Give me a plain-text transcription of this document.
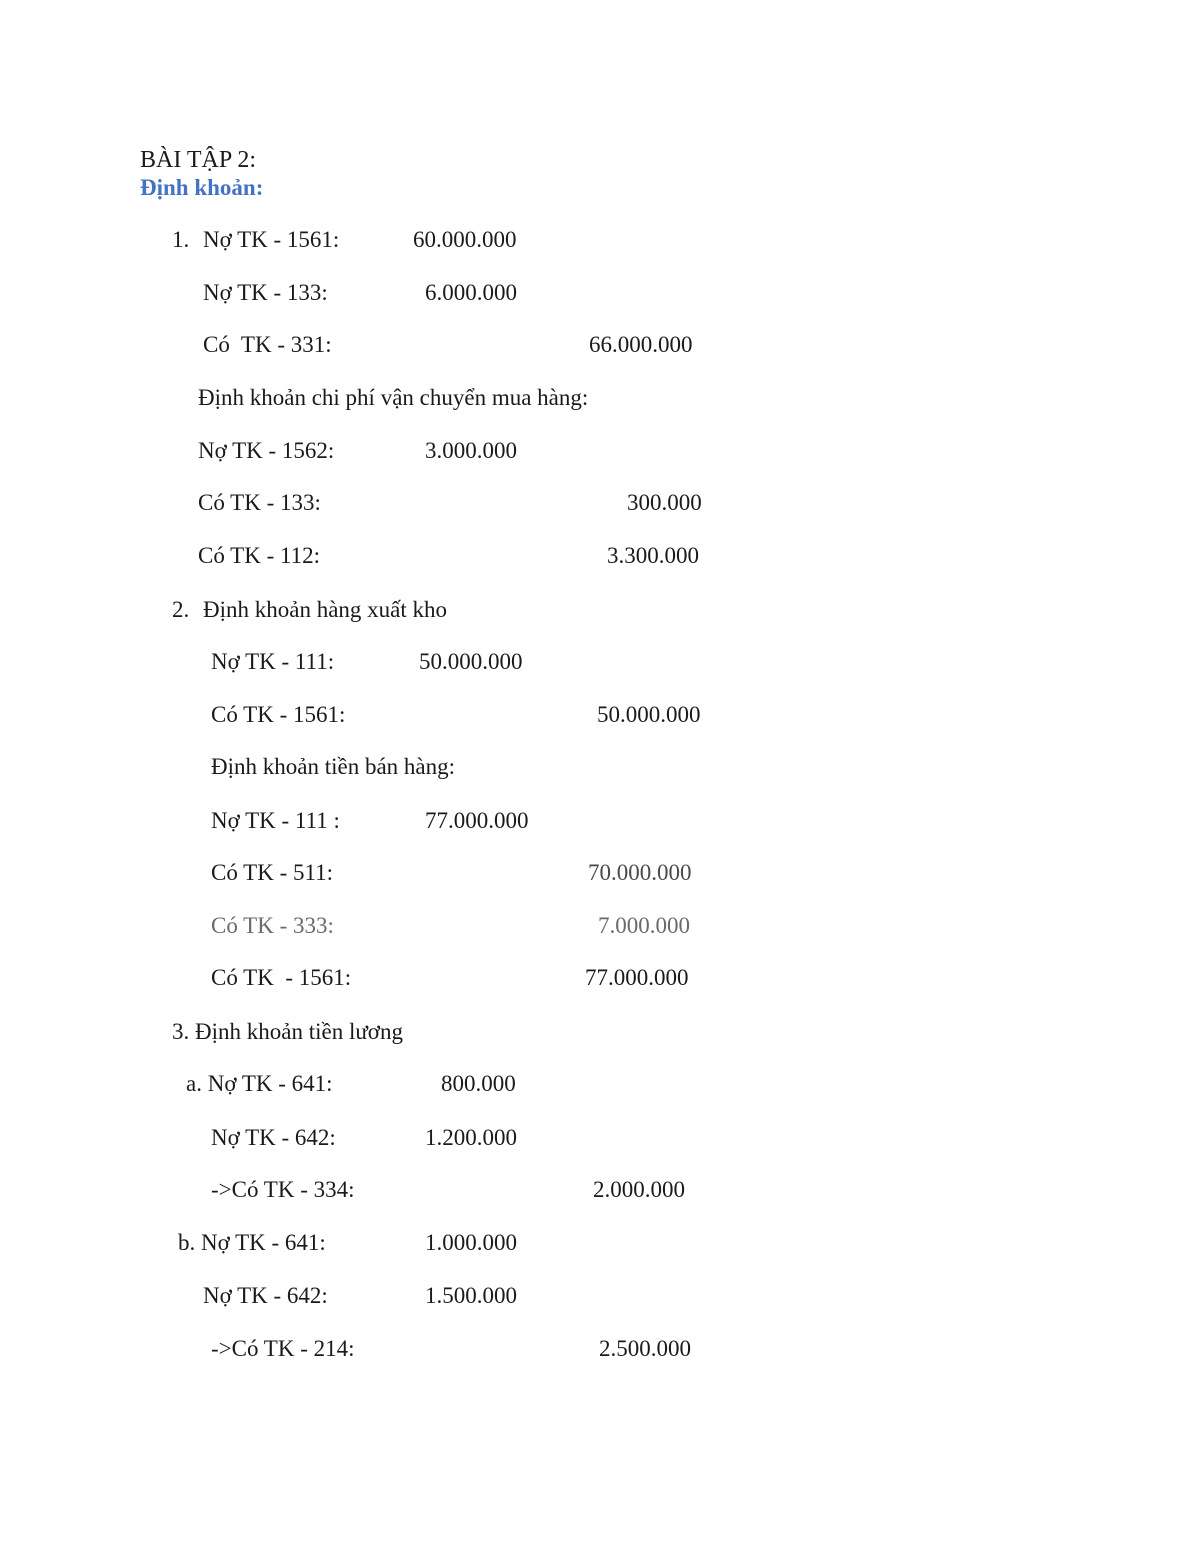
BÀI TẬP 2:
Định khoản:
1. Nợ TK - 1561:	60.000.000
Nợ TK - 133:	6.000.000
Có  TK - 331:	66.000.000
Định khoản chi phí vận chuyển mua hàng:
Nợ TK - 1562:	3.000.000
Có TK - 133:	300.000
Có TK - 112:	3.300.000
2. Định khoản hàng xuất kho
Nợ TK - 111:	50.000.000
Có TK - 1561:	50.000.000
Định khoản tiền bán hàng:
Nợ TK - 111 :	77.000.000
Có TK - 511:	70.000.000
Có TK - 333:	7.000.000
Có TK  - 1561:	77.000.000
3. Định khoản tiền lương
a. Nợ TK - 641:	800.000
Nợ TK - 642:	1.200.000
->Có TK - 334:	2.000.000
b. Nợ TK - 641:	1.000.000
Nợ TK - 642:	1.500.000
->Có TK - 214:	2.500.000
